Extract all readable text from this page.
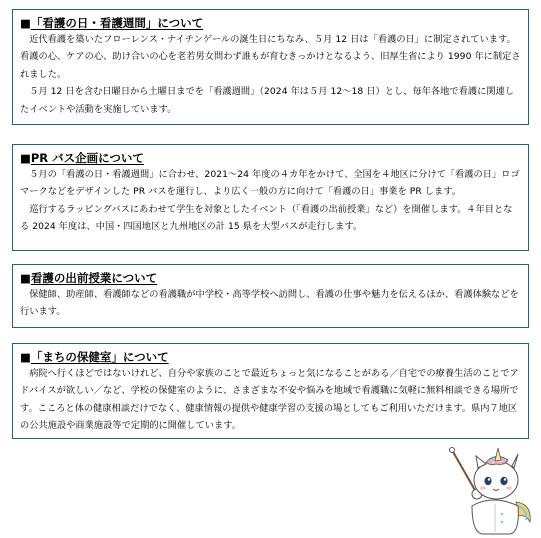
■「看護の日・看護週間」について

近代看護を築いたフローレンス・ナイチンゲールの誕生日にちなみ、５月 12 日は「看護の日」に制定されています。看護の心、ケアの心、助け合いの心を老若男女問わず誰もが育むきっかけとなるよう、旧厚生省により 1990 年に制定されました。

５月 12 日を含む日曜日から土曜日までを「看護週間」（2024 年は５月 12～18 日）とし、毎年各地で看護に関連したイベントや活動を実施しています。

■PR バス企画について

５月の「看護の日・看護週間」に合わせ、2021～24 年度の４カ年をかけて、全国を４地区に分けて「看護の日」ロゴマークなどをデザインした PR バスを運行し、より広く一般の方に向けて「看護の日」事業を PR します。

巡行するラッピングバスにあわせて学生を対象としたイベント（「看護の出前授業」など）を開催します。４年目となる 2024 年度は、中国・四国地区と九州地区の計 15 県を大型バスが走行します。

■看護の出前授業について

保健師、助産師、看護師などの看護職が中学校・高等学校へ訪問し、看護の仕事や魅力を伝えるほか、看護体験などを行います。

■「まちの保健室」について

病院へ行くほどではないけれど、自分や家族のことで最近ちょっと気になることがある／自宅での療養生活のことでアドバイスが欲しい／など、学校の保健室のように、さまざまな不安や悩みを地域で看護職に気軽に無料相談できる場所です。こころと体の健康相談だけでなく、健康情報の提供や健康学習の支援の場としてもご利用いただけます。県内７地区の公共施設や商業施設等で定期的に開催しています。
